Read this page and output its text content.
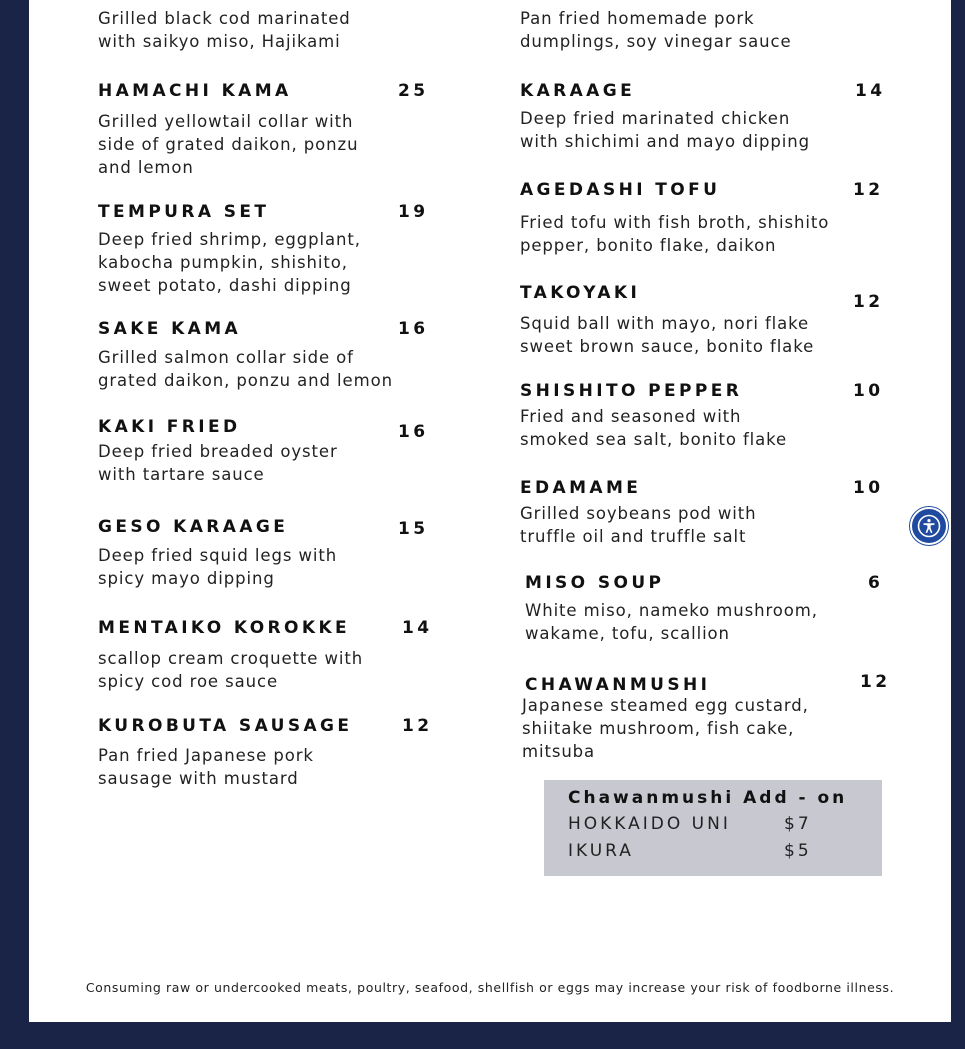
Grilled black cod marinated
with saikyo miso, Hajikami
HAMACHI KAMA	25
Grilled yellowtail collar with
side of grated daikon, ponzu
and lemon
TEMPURA SET	19
Deep fried shrimp, eggplant,
kabocha pumpkin, shishito,
sweet potato, dashi dipping
SAKE KAMA	16
Grilled salmon collar side of
grated daikon, ponzu and lemon
KAKI FRIED	16
Deep fried breaded oyster
with tartare sauce
GESO KARAAGE	15
Deep fried squid legs with
spicy mayo dipping
MENTAIKO KOROKKE	14
scallop cream croquette with
spicy cod roe sauce
KUROBUTA SAUSAGE	12
Pan fried Japanese pork
sausage with mustard
Pan fried homemade pork
dumplings, soy vinegar sauce
KARAAGE	14
Deep fried marinated chicken
with shichimi and mayo dipping
AGEDASHI TOFU	12
Fried tofu with fish broth, shishito
pepper, bonito flake, daikon
TAKOYAKI	12
Squid ball with mayo, nori flake
sweet brown sauce, bonito flake
SHISHITO PEPPER	10
Fried and seasoned with
smoked sea salt, bonito flake
EDAMAME	10
Grilled soybeans pod with
truffle oil and truffle salt
MISO SOUP	6
White miso, nameko mushroom,
wakame, tofu, scallion
CHAWANMUSHI	12
Japanese steamed egg custard,
shiitake mushroom, fish cake,
mitsuba
Chawanmushi Add - on
HOKKAIDO UNI	$7
IKURA	$5
Consuming raw or undercooked meats, poultry, seafood, shellfish or eggs may increase your risk of foodborne illness.
